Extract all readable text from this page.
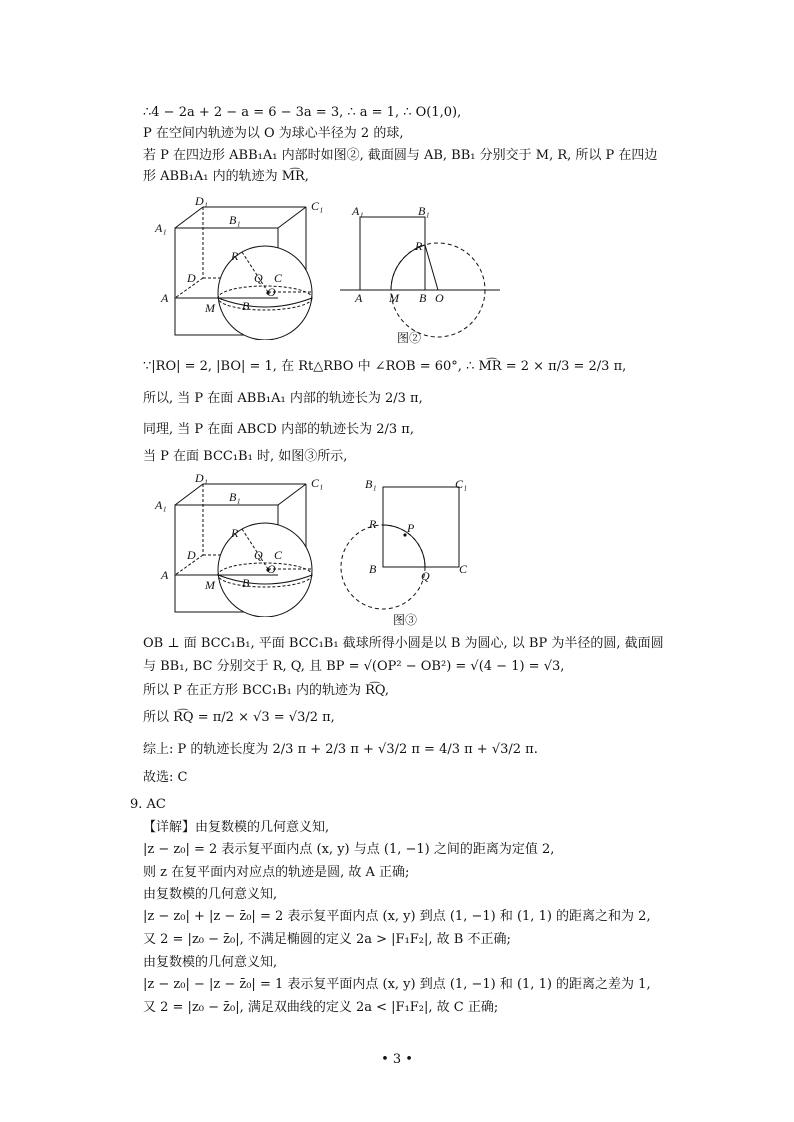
∴4 − 2a + 2 − a = 6 − 3a = 3, ∴ a = 1, ∴ O(1,0),
P 在空间内轨迹为以 O 为球心半径为 2 的球,
若 P 在四边形 ABB₁A₁ 内部时如图②, 截面圆与 AB, BB₁ 分别交于 M, R, 所以 P 在四边
形 ABB₁A₁ 内的轨迹为 M͡R,
D₁	C₁
A₁
B₁
R
D	Q C
O
A
M B
A₁	B₁
R
A M B O
图②
∵|RO| = 2, |BO| = 1, 在 Rt△RBO 中 ∠ROB = 60°, ∴ M͡R = 2 × π/3 = 2/3 π,
所以, 当 P 在面 ABB₁A₁ 内部的轨迹长为 2/3 π,
同理, 当 P 在面 ABCD 内部的轨迹长为 2/3 π,
当 P 在面 BCC₁B₁ 时, 如图③所示,
D₁	C₁
A₁
B₁
R
D	Q C
O
A
M B
B₁	C₁
R	P
B	Q C
图③
OB ⊥ 面 BCC₁B₁, 平面 BCC₁B₁ 截球所得小圆是以 B 为圆心, 以 BP 为半径的圆, 截面圆
与 BB₁, BC 分别交于 R, Q, 且 BP = √(OP² − OB²) = √(4 − 1) = √3,
所以 P 在正方形 BCC₁B₁ 内的轨迹为 R͡Q,
所以 R͡Q = π/2 × √3 = √3/2 π,
综上: P 的轨迹长度为 2/3 π + 2/3 π + √3/2 π = 4/3 π + √3/2 π.
故选: C
9. AC
【详解】由复数模的几何意义知,
|z − z₀| = 2 表示复平面内点 (x, y) 与点 (1, −1) 之间的距离为定值 2,
则 z 在复平面内对应点的轨迹是圆, 故 A 正确;
由复数模的几何意义知,
|z − z₀| + |z − z̄₀| = 2 表示复平面内点 (x, y) 到点 (1, −1) 和 (1, 1) 的距离之和为 2,
又 2 = |z₀ − z̄₀|, 不满足椭圆的定义 2a > |F₁F₂|, 故 B 不正确;
由复数模的几何意义知,
|z − z₀| − |z − z̄₀| = 1 表示复平面内点 (x, y) 到点 (1, −1) 和 (1, 1) 的距离之差为 1,
又 2 = |z₀ − z̄₀|, 满足双曲线的定义 2a < |F₁F₂|, 故 C 正确;
• 3 •
